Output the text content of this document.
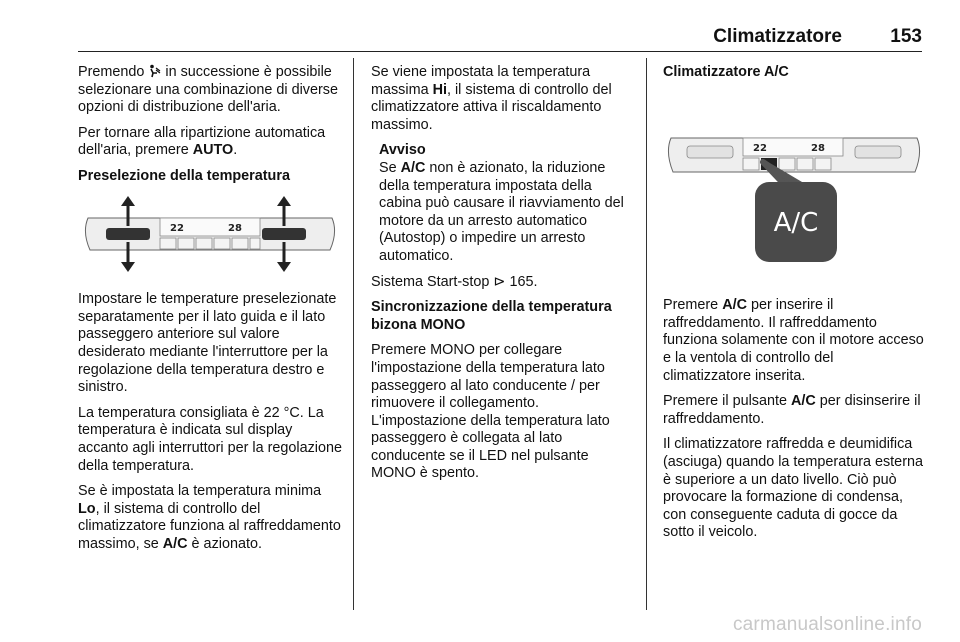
Climatizzatore	153

Premendo  in successione è possibile selezionare una combinazione di diverse opzioni di distribuzione dell'aria.

Per tornare alla ripartizione automatica dell'aria, premere AUTO.

Preselezione della temperatura

22	28

Impostare le temperature preselezionate separatamente per il lato guida e il lato passeggero anteriore sul valore desiderato mediante l'interruttore per la regolazione della temperatura destro e sinistro.

La temperatura consigliata è 22 °C. La temperatura è indicata sul display accanto agli interruttori per la regolazione della temperatura.

Se è impostata la temperatura minima Lo, il sistema di controllo del climatizzatore funziona al raffreddamento massimo, se A/C è azionato.

Se viene impostata la temperatura massima Hi, il sistema di controllo del climatizzatore attiva il riscaldamento massimo.

Avviso
Se A/C non è azionato, la riduzione della temperatura impostata della cabina può causare il riavviamento del motore da un arresto automatico (Autostop) o impedire un arresto automatico.

Sistema Start-stop ⊳ 165.

Sincronizzazione della temperatura bizona MONO

Premere MONO per collegare l'impostazione della temperatura lato passeggero al lato conducente / per rimuovere il collegamento. L'impostazione della temperatura lato passeggero è collegata al lato conducente se il LED nel pulsante MONO è spento.

Climatizzatore A/C

22	28
A/C

Premere A/C per inserire il raffreddamento. Il raffreddamento funziona solamente con il motore acceso e la ventola di controllo del climatizzatore inserita.

Premere il pulsante A/C per disinserire il raffreddamento.

Il climatizzatore raffredda e deumidifica (asciuga) quando la temperatura esterna è superiore a un dato livello. Ciò può provocare la formazione di condensa, con conseguente caduta di gocce da sotto il veicolo.

carmanualsonline.info
